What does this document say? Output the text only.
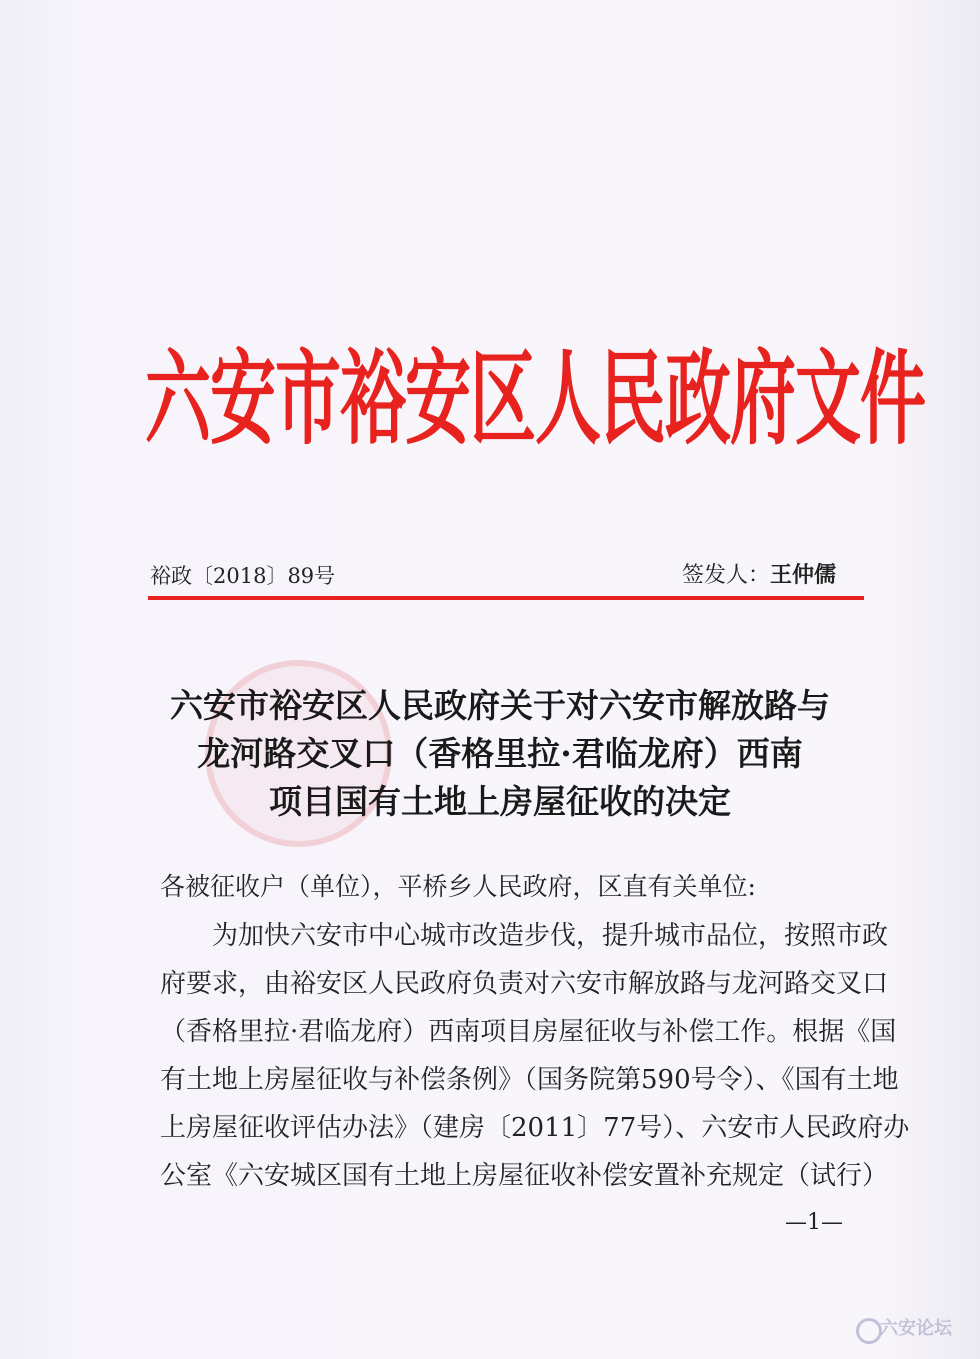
六安市裕安区人民政府文件
裕政〔2018〕89号	签发人：王仲儒
六安市裕安区人民政府关于对六安市解放路与
龙河路交叉口（香格里拉·君临龙府）西南
项目国有土地上房屋征收的决定
各被征收户（单位），平桥乡人民政府，区直有关单位:
为加快六安市中心城市改造步伐，提升城市品位，按照市政
府要求，由裕安区人民政府负责对六安市解放路与龙河路交叉口
（香格里拉·君临龙府）西南项目房屋征收与补偿工作。根据《国
有土地上房屋征收与补偿条例》（国务院第590号令）、《国有土地
上房屋征收评估办法》（建房〔2011〕77号）、六安市人民政府办
公室《六安城区国有土地上房屋征收补偿安置补充规定（试行）
—1—
六安论坛
